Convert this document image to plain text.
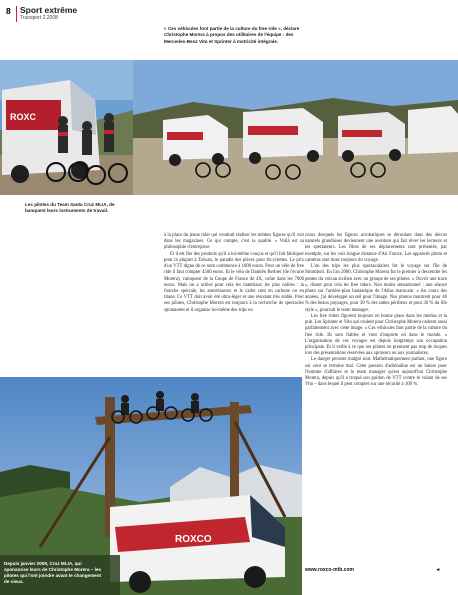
8 Sport extrême
Transport 2.2008
« Ces véhicules font partie de la culture du free ride », déclare Christophe Morera à propos des utilitaires de l'équipe : des Mercedes-Benz Vito et Sprinter à motricité intégrale.
ROXC
Les pilotes du Team Santa Cruz MLIA, de banquent leurs instruments de travail.

à la place du jeune rider qui voudrait réaliser les mêmes figures qu'il voit dans les magazines. Ce qui compte, c'est la qualité. » Voilà est sa philosophie d'entreprise.

Et il est fier des produits qu'il a lui-même conçus et qu'il fait fabriquer pour la plupart à Taiwan, le paradis des pièces pour bicyclettes. Le prix d'un VTT digne de ce nom commence à 1000 euros. Pour un vélo de free ride il faut compter 4500 euros. Et le vélo de Damiën Berbier (de l'écurie Morera), vainqueur de la Coupe de France de 4X, coûte dans les 7000 euros. Mais on a utilisé pour cela les matériaux les plus nobles : la fourche spéciale, les amortisseurs et le cadre sont en carbone ou en titane. Ce VTT doit avoir été ultra-léger et une résistant très stable. Pour ses pilotes, Christophe Morera est toujours à la recherche de spectacles spontanées et il organise lui-même des trips en

cours desquels les figures acrobatiques se déroulant dans des décors naturels grandioses deviennent une aventure qui fait rêver les lecteurs et les spectateurs. Les films de ses déplacements sont présentés, par exemple, sur les vols longue distance d'Air France. Les appareils photo et caméras sont donc toujours du voyage.

L'un des trips les plus spectaculaires fut le voyage sur l'île de Stromboli. En l'an 2000, Christophe Morera fut le premier à descendre les pentes du volcan sicilien avec un groupe de ses pilotes. « Ouvrir une trace », disent pour cela les free riders. Non moins sensationnel : une séance photo sur l'arrière-plan fantastique de l'Atlas marocain. « Au cours des années, j'ai développé un œil pour l'image. Nos photos montrent pour 40 % des beaux paysages, pour 30 % des sattes périlleux et pour 30 % du life style », poursuit le team manager.

Les free riders figurent toujours en bonne place dans les médias et la pub. Les Sprinter et Vito qui roulent pour Christophe Morera cadrent aussi parfaitement avec cette image. « Ces véhicules font partie de la culture du free ride. Ils sont fiables et vont n'importe où dans le monde. » L'organisation de ces voyages est depuis longtemps son occupation principale. Et il veille à ce que ses pilotes ne prennent pas trop de risques lors des présentations réservées aux sponsors ou aux journalistes.

Le danger persiste malgré tout. Mathématiquement parlant, une figure sur cent se termine mal. Cette passion d'adrénaline est un baisse pour l'homme d'affaires et le team manager qu'est aujourd'hui Christophe Morera, depuis qu'il a troqué son guidon de VTT contre le volant de ses Vito – dans lequel il peut compter sur une sécurité à 100 %.

ROXCO
Depuis janvier 2008, Cruz MLIA, qui sponsorise leurs de Christophe Morera – les pilotes qui l'ont joindre avant le changement de cieux.
www.roxco-mtb.com	◄
